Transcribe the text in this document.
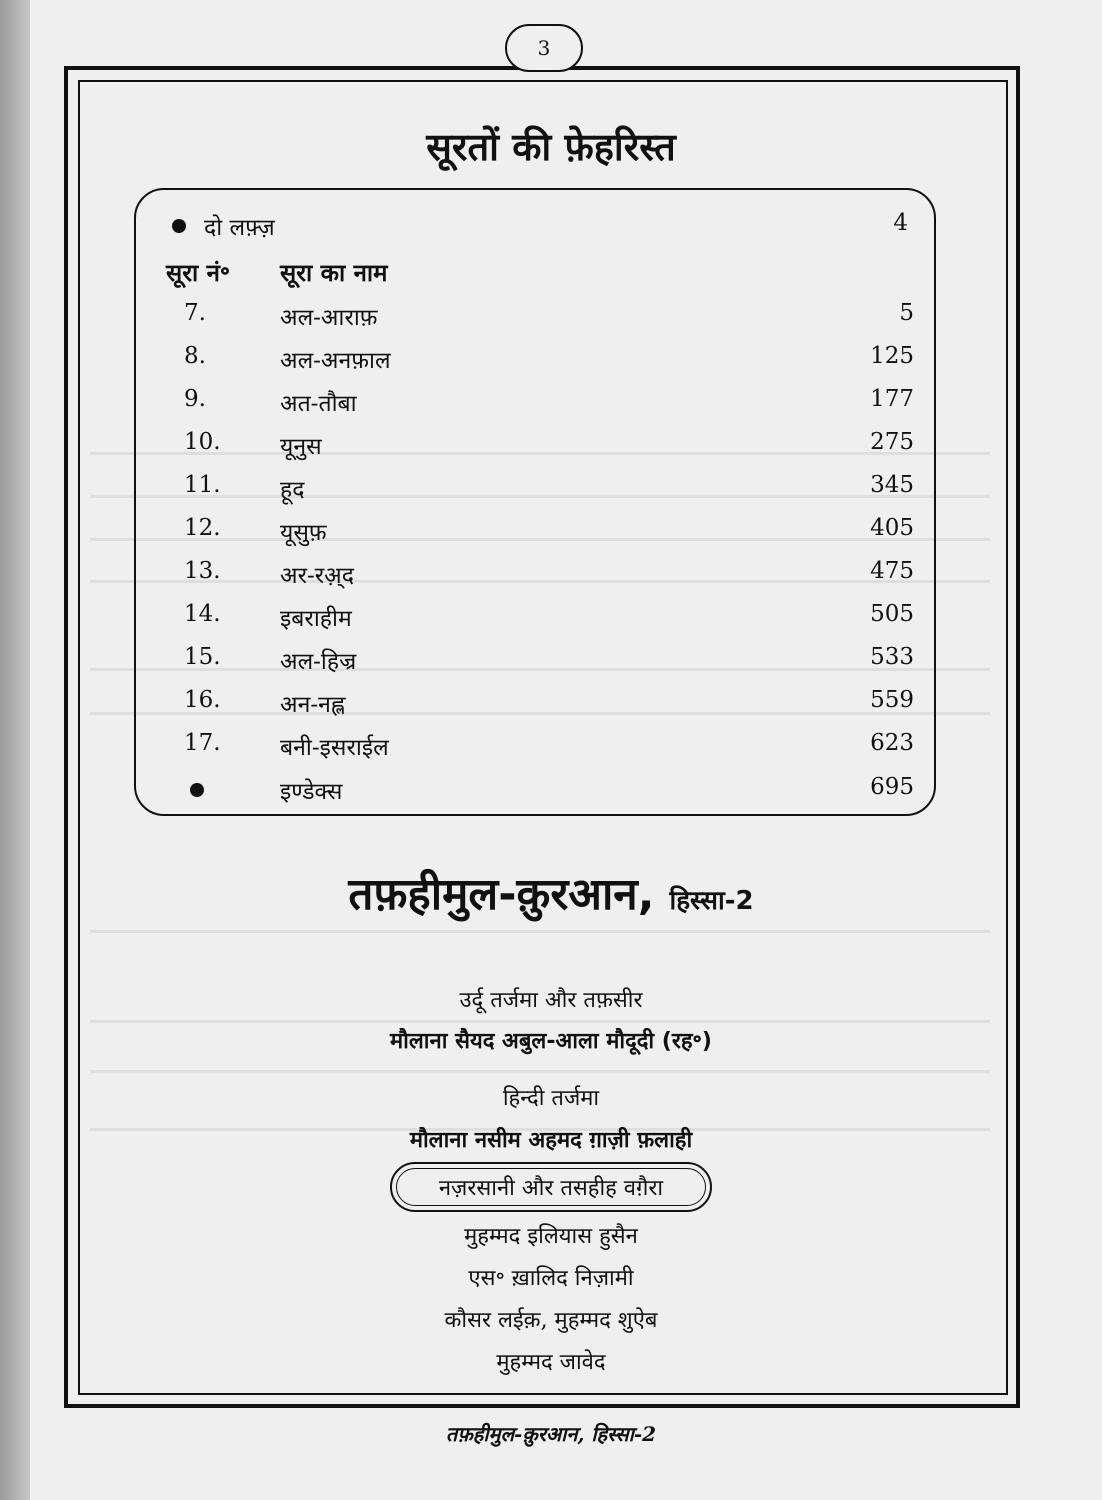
3
सूरतों की फ़ेहरिस्त
दो लफ़्ज़	4
सूरा नं॰ सूरा का नाम
7.	अल-आराफ़	5
8.	अल-अनफ़ाल	125
9.	अत-तौबा	177
10.	यूनुस	275
11.	हूद	345
12.	यूसुफ़	405
13.	अर-रअ़्द	475
14.	इबराहीम	505
15.	अल-हिज्र	533
16.	अन-नह्ल	559
17.	बनी-इसराईल	623
इण्डेक्स	695
तफ़हीमुल-क़ुरआन, हिस्सा-2
उर्दू तर्जमा और तफ़सीर
मौलाना सैयद अबुल-आला मौदूदी (रह॰)
हिन्दी तर्जमा
मौलाना नसीम अहमद ग़ाज़ी फ़लाही
नज़रसानी और तसहीह वग़ैरा
मुहम्मद इलियास हुसैन
एस॰ ख़ालिद निज़ामी
कौसर लईक़, मुहम्मद शुऐब
मुहम्मद जावेद
तफ़हीमुल-क़ुरआन, हिस्सा-2
